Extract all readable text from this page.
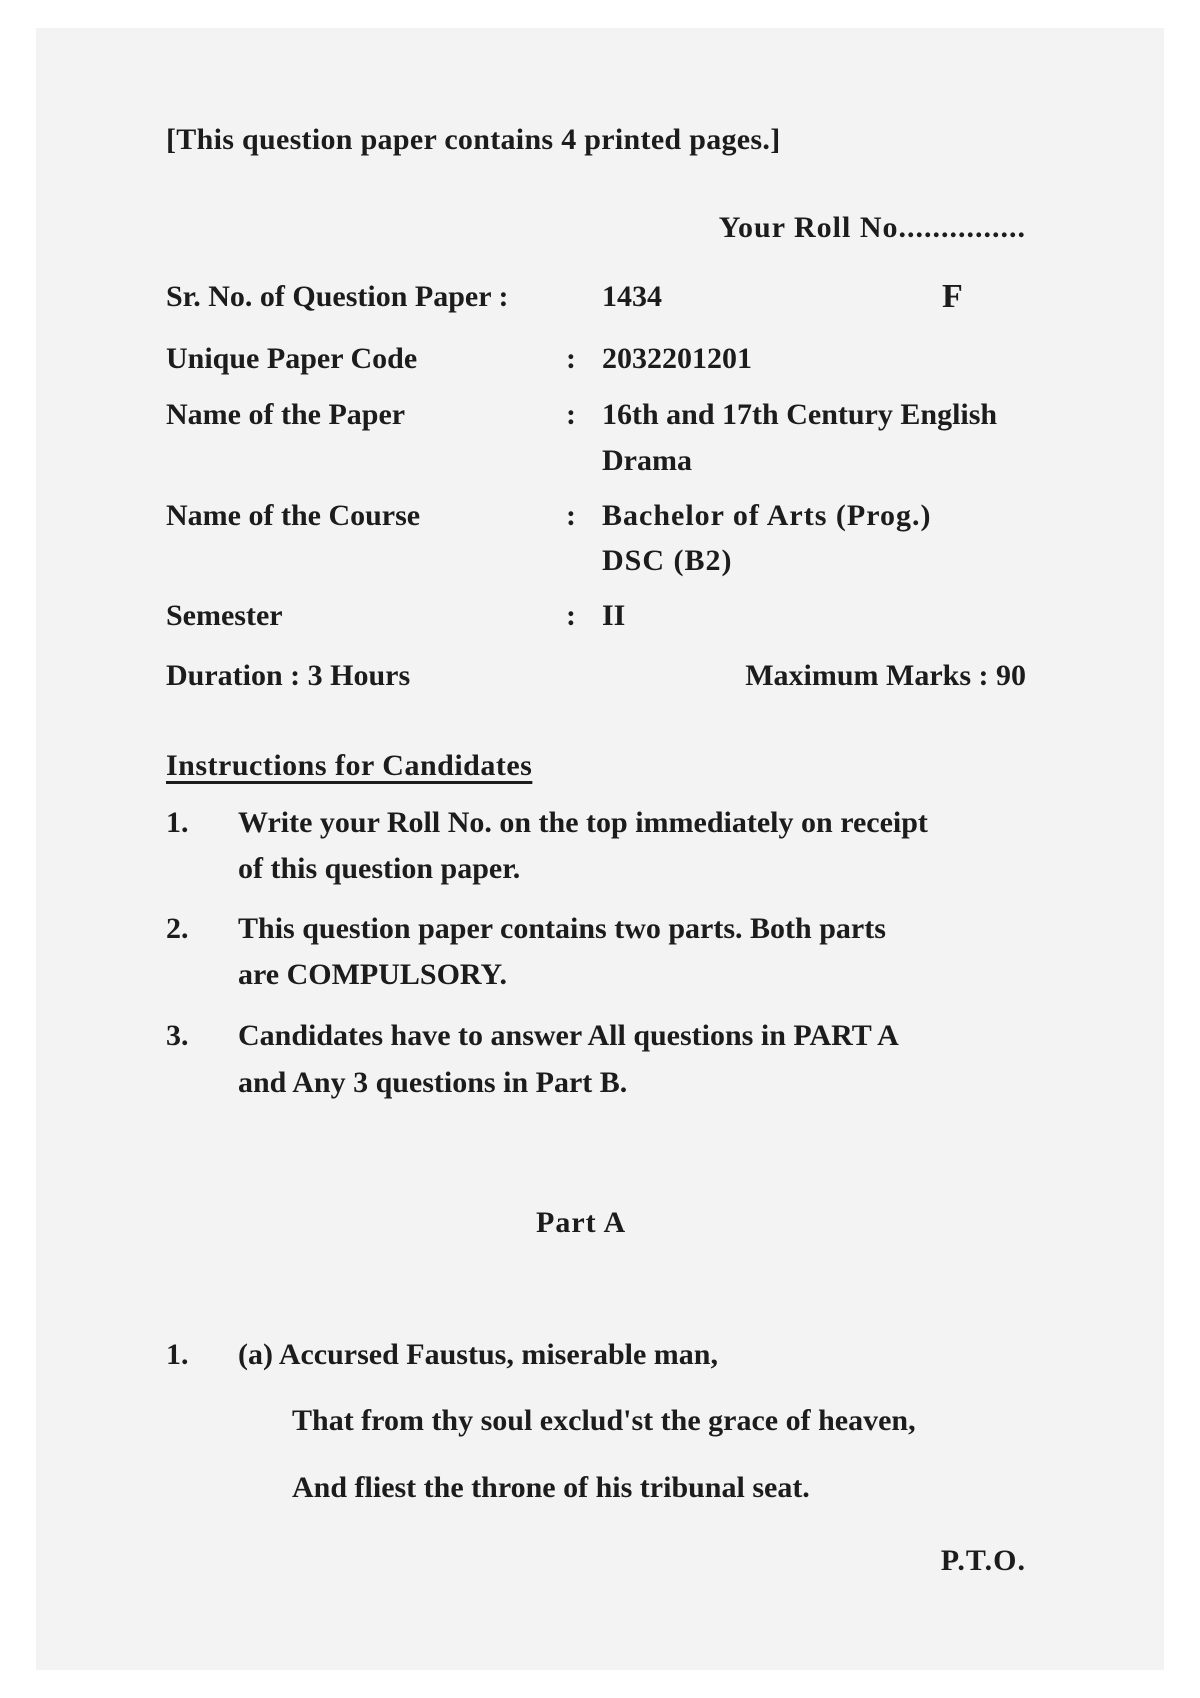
[This question paper contains 4 printed pages.]
Your Roll No...............
Sr. No. of Question Paper :	1434	F
Unique Paper Code	: 2032201201
Name of the Paper	: 16th and 17th Century English
Drama
Name of the Course	: Bachelor of Arts (Prog.)
DSC (B2)
Semester	: II
Duration : 3 Hours	Maximum Marks : 90
Instructions for Candidates
1. Write your Roll No. on the top immediately on receipt
of this question paper.
2. This question paper contains two parts. Both parts
are COMPULSORY.
3. Candidates have to answer All questions in PART A
and Any 3 questions in Part B.
Part A
1. (a) Accursed Faustus, miserable man,
That from thy soul exclud'st the grace of heaven,
And fliest the throne of his tribunal seat.
P.T.O.
